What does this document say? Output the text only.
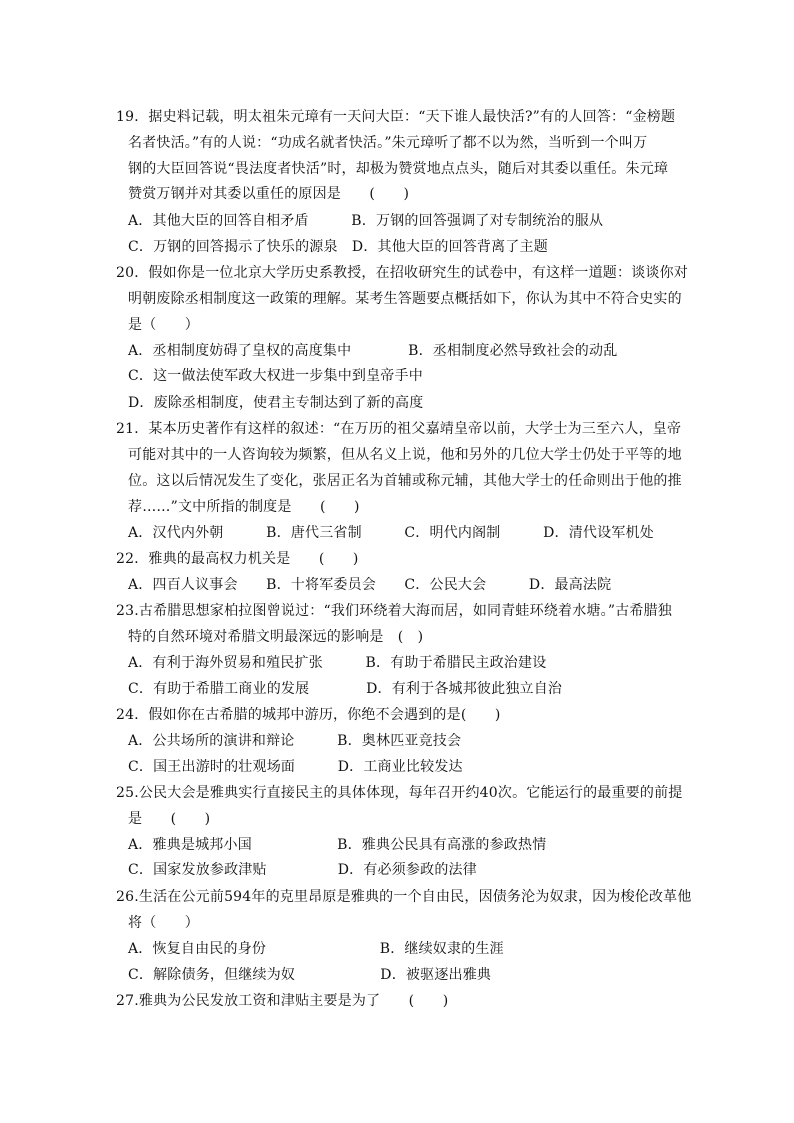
19．据史料记载，明太祖朱元璋有一天问大臣：“天下谁人最快活?”有的人回答：“金榜题
名者快活。”有的人说：“功成名就者快活。”朱元璋听了都不以为然，当听到一个叫万
钢的大臣回答说“畏法度者快活”时，却极为赞赏地点点头，随后对其委以重任。朱元璋
赞赏万钢并对其委以重任的原因是　　(　　)
A．其他大臣的回答自相矛盾　　　B．万钢的回答强调了对专制统治的服从
C．万钢的回答揭示了快乐的源泉　D．其他大臣的回答背离了主题
20．假如你是一位北京大学历史系教授，在招收研究生的试卷中，有这样一道题：谈谈你对
明朝废除丞相制度这一政策的理解。某考生答题要点概括如下，你认为其中不符合史实的
是（　　）
A．丞相制度妨碍了皇权的高度集中　　　　B．丞相制度必然导致社会的动乱
C．这一做法使军政大权进一步集中到皇帝手中
D．废除丞相制度，使君主专制达到了新的高度
21．某本历史著作有这样的叙述：“在万历的祖父嘉靖皇帝以前，大学士为三至六人，皇帝
可能对其中的一人咨询较为频繁，但从名义上说，他和另外的几位大学士仍处于平等的地
位。这以后情况发生了变化，张居正名为首辅或称元辅，其他大学士的任命则出于他的推
荐……”文中所指的制度是　　(　　)
A．汉代内外朝　　　B．唐代三省制　　　C．明代内阁制　　　D．清代设军机处
22．雅典的最高权力机关是　　(　　)
A．四百人议事会　　B．十将军委员会　　C．公民大会　　　D．最高法院
23.古希腊思想家柏拉图曾说过：“我们环绕着大海而居，如同青蛙环绕着水塘。”古希腊独
特的自然环境对希腊文明最深远的影响是　(　)
A．有利于海外贸易和殖民扩张　　　B．有助于希腊民主政治建设
C．有助于希腊工商业的发展　　　　D．有利于各城邦彼此独立自治
24．假如你在古希腊的城邦中游历，你绝不会遇到的是(　　)
A．公共场所的演讲和辩论　　　B．奥林匹亚竞技会
C．国王出游时的壮观场面　　　D．工商业比较发达
25.公民大会是雅典实行直接民主的具体体现，每年召开约40次。它能运行的最重要的前提
是　　(　　)
A．雅典是城邦小国　　　　　　B．雅典公民具有高涨的参政热情
C．国家发放参政津贴　　　　　D．有必须参政的法律
26.生活在公元前594年的克里昂原是雅典的一个自由民，因债务沦为奴隶，因为梭伦改革他
将（　　）
A．恢复自由民的身份　　　　　　　　B．继续奴隶的生涯
C．解除债务，但继续为奴　　　　　　D．被驱逐出雅典
27.雅典为公民发放工资和津贴主要是为了　　(　　)
